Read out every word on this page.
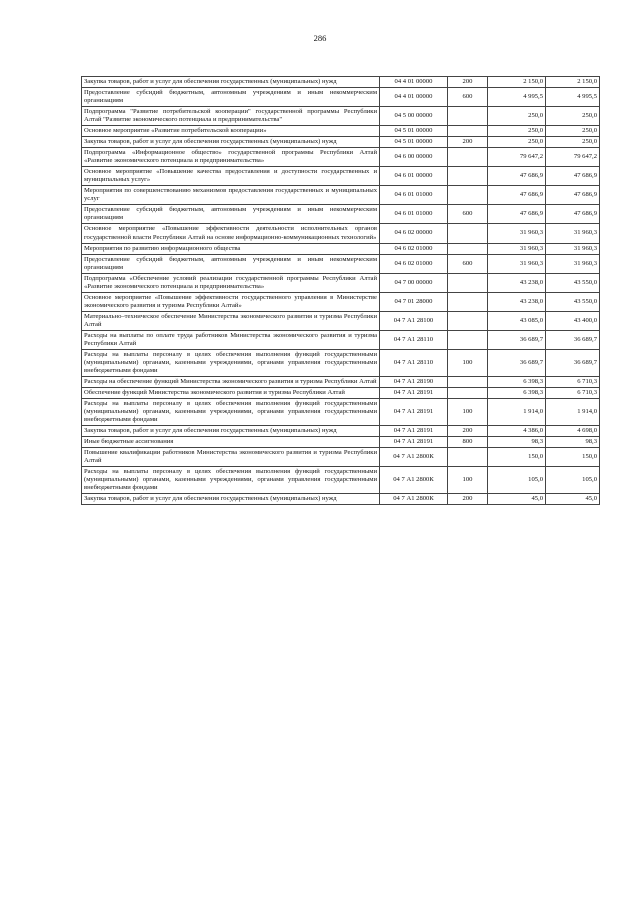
286
Закупка товаров, работ и услуг для обеспечения государственных (муниципальных) нужд	04 4 01 00000	200	2 150,0	2 150,0
Предоставление субсидий бюджетным, автономным учреждениям и иным некоммерческим организациям	04 4 01 00000	600	4 995,5	4 995,5
Подпрограмма "Развитие потребительской кооперации" государственной программы Республики Алтай "Развитие экономического потенциала и предпринимательства"	04 5 00 00000		250,0	250,0
Основное мероприятие «Развитие потребительской кооперации»	04 5 01 00000		250,0	250,0
Закупка товаров, работ и услуг для обеспечения государственных (муниципальных) нужд	04 5 01 00000	200	250,0	250,0
Подпрограмма «Информационное общество» государственной программы Республики Алтай «Развитие экономического потенциала и предпринимательства»	04 6 00 00000		79 647,2	79 647,2
Основное мероприятие «Повышение качества предоставления и доступности государственных и муниципальных услуг»	04 6 01 00000		47 686,9	47 686,9
Мероприятия по совершенствованию механизмов предоставления государственных и муниципальных услуг	04 6 01 01000		47 686,9	47 686,9
Предоставление субсидий бюджетным, автономным учреждениям и иным некоммерческим организациям	04 6 01 01000	600	47 686,9	47 686,9
Основное мероприятие «Повышение эффективности деятельности исполнительных органов государственной власти Республики Алтай на основе информационно-коммуникационных технологий»	04 6 02 00000		31 960,3	31 960,3
Мероприятия по развитию информационного общества	04 6 02 01000		31 960,3	31 960,3
Предоставление субсидий бюджетным, автономным учреждениям и иным некоммерческим организациям	04 6 02 01000	600	31 960,3	31 960,3
Подпрограмма «Обеспечение условий реализации государственной программы Республики Алтай «Развитие экономического потенциала и предпринимательства»	04 7 00 00000		43 238,0	43 550,0
Основное мероприятие «Повышение эффективности государственного управления в Министерстве экономического развития и туризма Республики Алтай»	04 7 01 28000		43 238,0	43 550,0
Материально–техническое обеспечение Министерства экономического развития и туризма Республики Алтай	04 7 А1 28100		43 085,0	43 400,0
Расходы на выплаты по оплате труда работников Министерства экономического развития и туризма Республики Алтай	04 7 А1 28110		36 689,7	36 689,7
Расходы на выплаты персоналу в целях обеспечения выполнения функций государственными (муниципальными) органами, казенными учреждениями, органами управления государственными внебюджетными фондами	04 7 А1 28110	100	36 689,7	36 689,7
Расходы на обеспечение функций Министерства экономического развития и туризма Республики Алтай	04 7 А1 28190		6 398,3	6 710,3
Обеспечение функций Министерства экономического развития и туризма Республики Алтай	04 7 А1 28191		6 398,3	6 710,3
Расходы на выплаты персоналу в целях обеспечения выполнения функций государственными (муниципальными) органами, казенными учреждениями, органами управления государственными внебюджетными фондами	04 7 А1 28191	100	1 914,0	1 914,0
Закупка товаров, работ и услуг для обеспечения государственных (муниципальных) нужд	04 7 А1 28191	200	4 386,0	4 698,0
Иные бюджетные ассигнования	04 7 А1 28191	800	98,3	98,3
Повышение квалификации работников Министерства экономического развития и туризма Республики Алтай	04 7 А1 2800К		150,0	150,0
Расходы на выплаты персоналу в целях обеспечения выполнения функций государственными (муниципальными) органами, казенными учреждениями, органами управления государственными внебюджетными фондами	04 7 А1 2800К	100	105,0	105,0
Закупка товаров, работ и услуг для обеспечения государственных (муниципальных) нужд	04 7 А1 2800К	200	45,0	45,0
